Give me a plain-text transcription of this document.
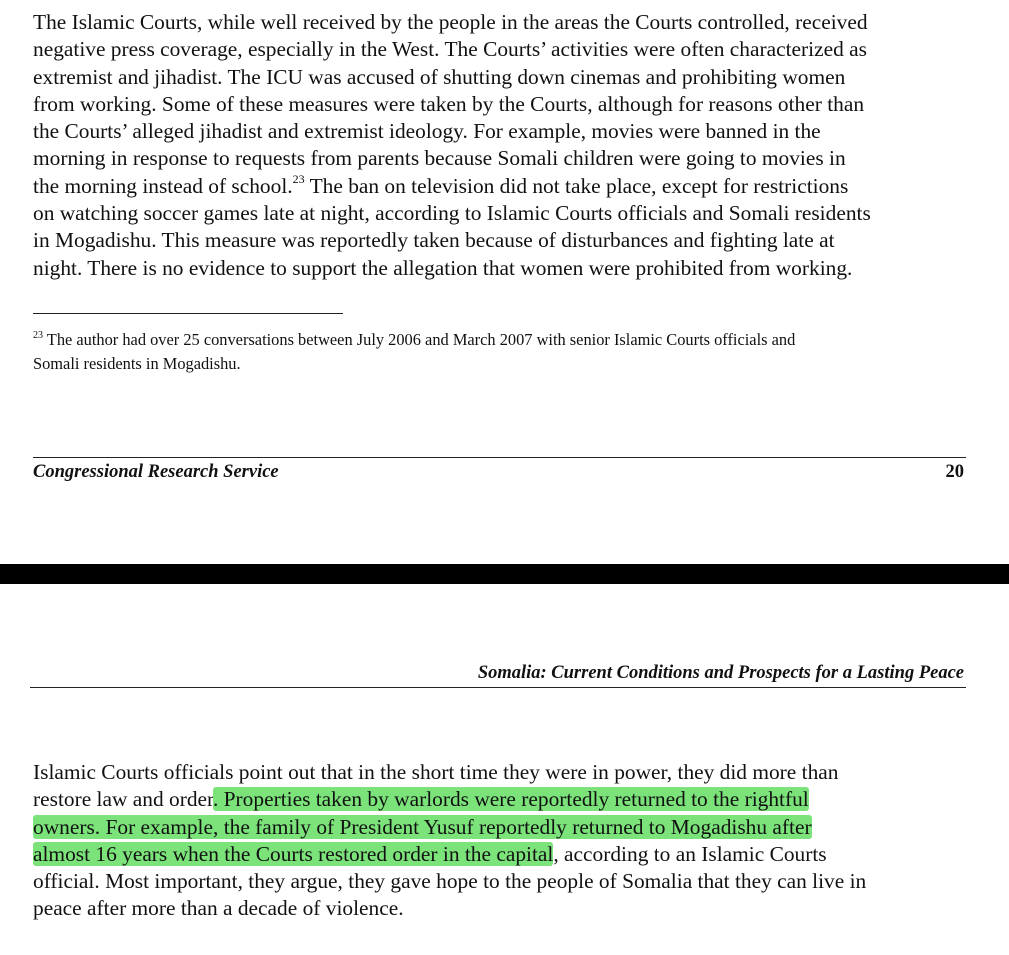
The Islamic Courts, while well received by the people in the areas the Courts controlled, received
negative press coverage, especially in the West. The Courts’ activities were often characterized as
extremist and jihadist. The ICU was accused of shutting down cinemas and prohibiting women
from working. Some of these measures were taken by the Courts, although for reasons other than
the Courts’ alleged jihadist and extremist ideology. For example, movies were banned in the
morning in response to requests from parents because Somali children were going to movies in
the morning instead of school.$^{23}$ The ban on television did not take place, except for restrictions
on watching soccer games late at night, according to Islamic Courts officials and Somali residents
in Mogadishu. This measure was reportedly taken because of disturbances and fighting late at
night. There is no evidence to support the allegation that women were prohibited from working.
$^{23}$ The author had over 25 conversations between July 2006 and March 2007 with senior Islamic Courts officials and
Somali residents in Mogadishu.
Congressional Research Service	20
Somalia: Current Conditions and Prospects for a Lasting Peace
Islamic Courts officials point out that in the short time they were in power, they did more than
restore law and order. Properties taken by warlords were reportedly returned to the rightful
owners. For example, the family of President Yusuf reportedly returned to Mogadishu after
almost 16 years when the Courts restored order in the capital, according to an Islamic Courts
official. Most important, they argue, they gave hope to the people of Somalia that they can live in
peace after more than a decade of violence.
